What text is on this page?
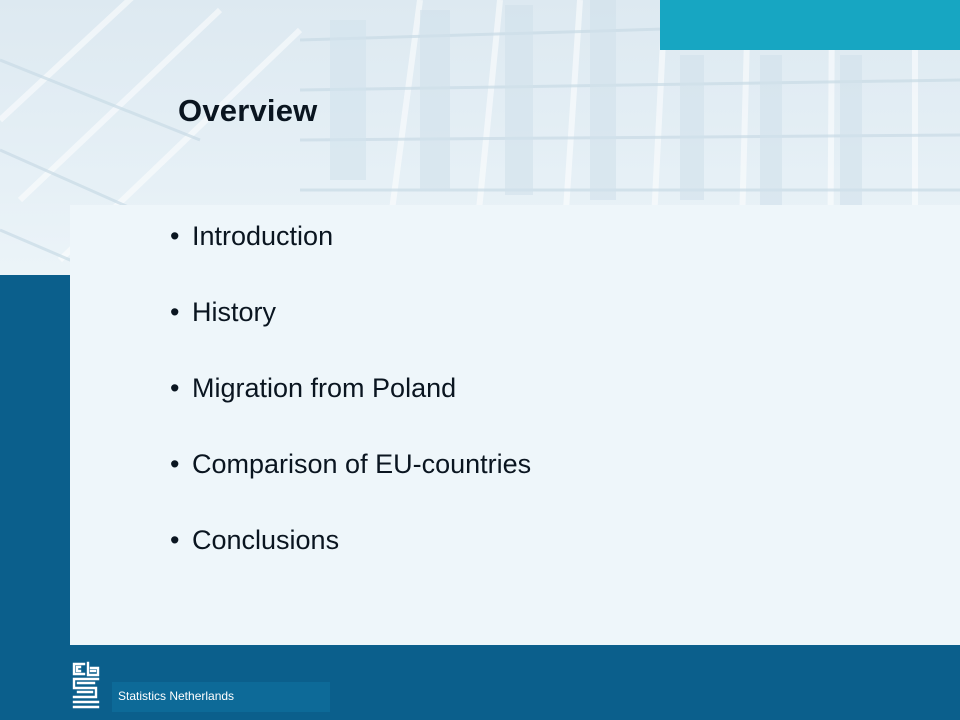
Overview
• Introduction
• History
• Migration from Poland
• Comparison of EU-countries
• Conclusions
Statistics Netherlands
